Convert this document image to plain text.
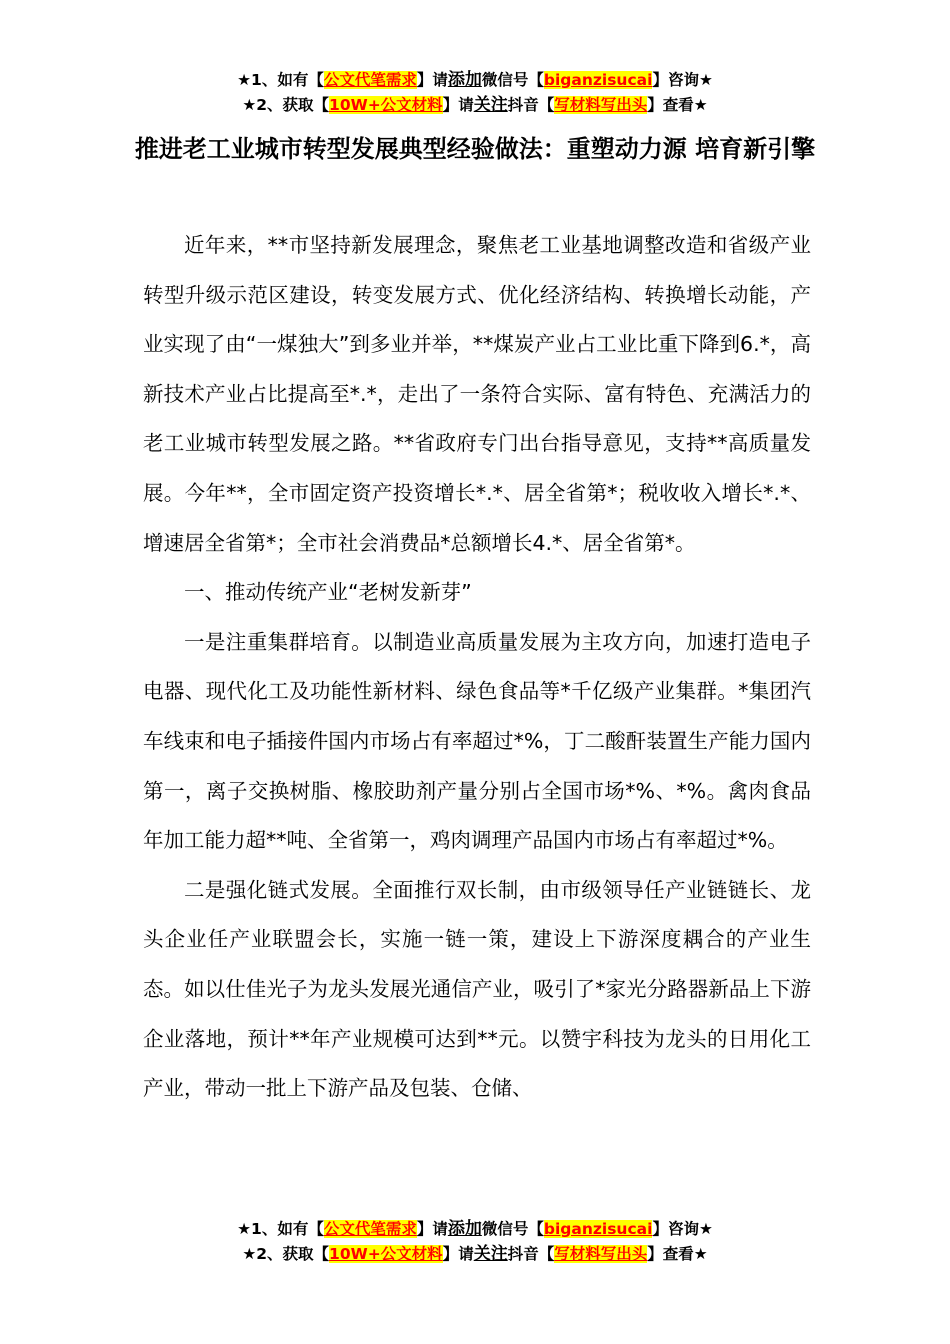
★1、如有【公文代笔需求】请添加微信号【biganzisucai】咨询★
★2、获取【10W+公文材料】请关注抖音【写材料写出头】查看★
推进老工业城市转型发展典型经验做法：重塑动力源 培育新引擎

近年来，**市坚持新发展理念，聚焦老工业基地调整改造和省级产业转型升级示范区建设，转变发展方式、优化经济结构、转换增长动能，产业实现了由“一煤独大”到多业并举，**煤炭产业占工业比重下降到6.*，高新技术产业占比提高至*.*，走出了一条符合实际、富有特色、充满活力的老工业城市转型发展之路。**省政府专门出台指导意见，支持**高质量发展。今年**，全市固定资产投资增长*.*、居全省第*；税收收入增长*.*、增速居全省第*；全市社会消费品*总额增长4.*、居全省第*。

一、推动传统产业“老树发新芽”

一是注重集群培育。以制造业高质量发展为主攻方向，加速打造电子电器、现代化工及功能性新材料、绿色食品等*千亿级产业集群。*集团汽车线束和电子插接件国内市场占有率超过*%，丁二酸酐装置生产能力国内第一，离子交换树脂、橡胶助剂产量分别占全国市场*%、*%。禽肉食品年加工能力超**吨、全省第一，鸡肉调理产品国内市场占有率超过*%。

二是强化链式发展。全面推行双长制，由市级领导任产业链链长、龙头企业任产业联盟会长，实施一链一策，建设上下游深度耦合的产业生态。如以仕佳光子为龙头发展光通信产业，吸引了*家光分路器新品上下游企业落地，预计**年产业规模可达到**元。以赞宇科技为龙头的日用化工产业，带动一批上下游产品及包装、仓储、

★1、如有【公文代笔需求】请添加微信号【biganzisucai】咨询★
★2、获取【10W+公文材料】请关注抖音【写材料写出头】查看★
